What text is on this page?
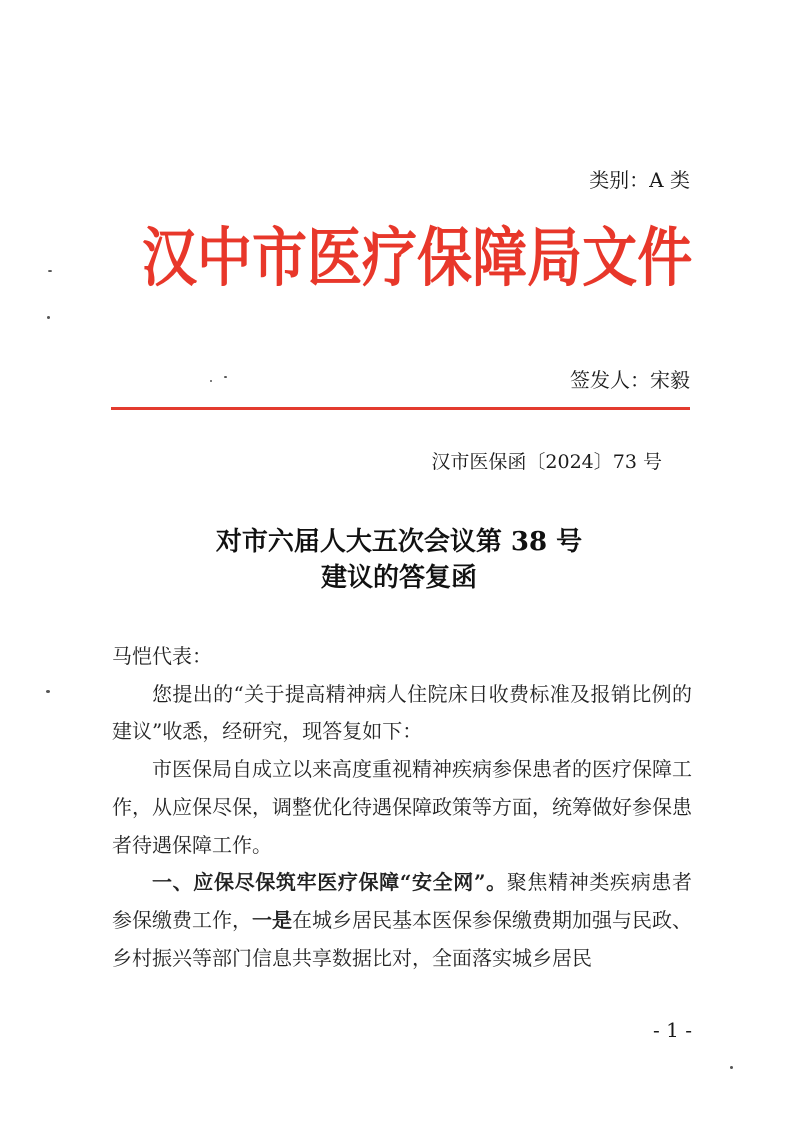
类别：A 类
汉中市医疗保障局文件
签发人：宋毅
汉市医保函〔2024〕73 号
对市六届人大五次会议第 38 号
建议的答复函

马恺代表：

您提出的“关于提高精神病人住院床日收费标准及报销比例的建议”收悉，经研究，现答复如下：

市医保局自成立以来高度重视精神疾病参保患者的医疗保障工作，从应保尽保，调整优化待遇保障政策等方面，统筹做好参保患者待遇保障工作。

一、应保尽保筑牢医疗保障“安全网”。聚焦精神类疾病患者参保缴费工作，一是在城乡居民基本医保参保缴费期加强与民政、乡村振兴等部门信息共享数据比对，全面落实城乡居民

- 1 -
